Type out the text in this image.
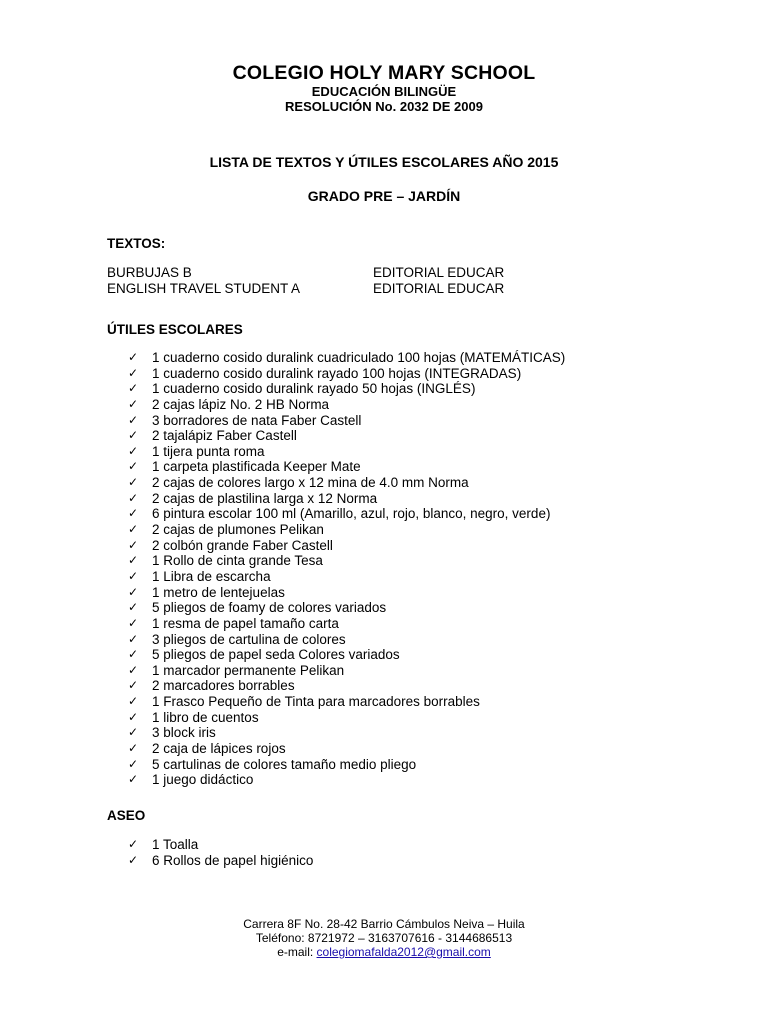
COLEGIO HOLY MARY SCHOOL
EDUCACIÓN BILINGÜE
RESOLUCIÓN No. 2032 DE 2009
LISTA DE TEXTOS Y ÚTILES ESCOLARES AÑO 2015
GRADO PRE – JARDÍN
TEXTOS:
BURBUJAS B	EDITORIAL EDUCAR
ENGLISH TRAVEL STUDENT A	EDITORIAL EDUCAR
ÚTILES ESCOLARES
✓	1 cuaderno cosido duralink cuadriculado 100 hojas (MATEMÁTICAS)
✓	1 cuaderno cosido duralink rayado 100 hojas (INTEGRADAS)
✓	1 cuaderno cosido duralink rayado 50 hojas (INGLÉS)
✓	2 cajas lápiz No. 2 HB Norma
✓	3 borradores de nata Faber Castell
✓	2 tajalápiz Faber Castell
✓	1 tijera punta roma
✓	1 carpeta plastificada Keeper Mate
✓	2 cajas de colores largo x 12 mina de 4.0 mm Norma
✓	2 cajas de plastilina larga x 12 Norma
✓	6 pintura escolar 100 ml (Amarillo, azul, rojo, blanco, negro, verde)
✓	2 cajas de plumones Pelikan
✓	2 colbón grande Faber Castell
✓	1 Rollo de cinta grande Tesa
✓	1 Libra de escarcha
✓	1 metro de lentejuelas
✓	5 pliegos de foamy de colores variados
✓	1 resma de papel tamaño carta
✓	3 pliegos de cartulina de colores
✓	5 pliegos de papel seda Colores variados
✓	1 marcador permanente Pelikan
✓	2 marcadores borrables
✓	1 Frasco Pequeño de Tinta para marcadores borrables
✓	1 libro de cuentos
✓	3 block iris
✓	2 caja de lápices rojos
✓	5 cartulinas de colores tamaño medio pliego
✓	1 juego didáctico
ASEO
✓	1 Toalla
✓	6 Rollos de papel higiénico
Carrera 8F No. 28-42 Barrio Cámbulos Neiva – Huila
Teléfono: 8721972 – 3163707616 - 3144686513
e-mail: colegiomafalda2012@gmail.com
